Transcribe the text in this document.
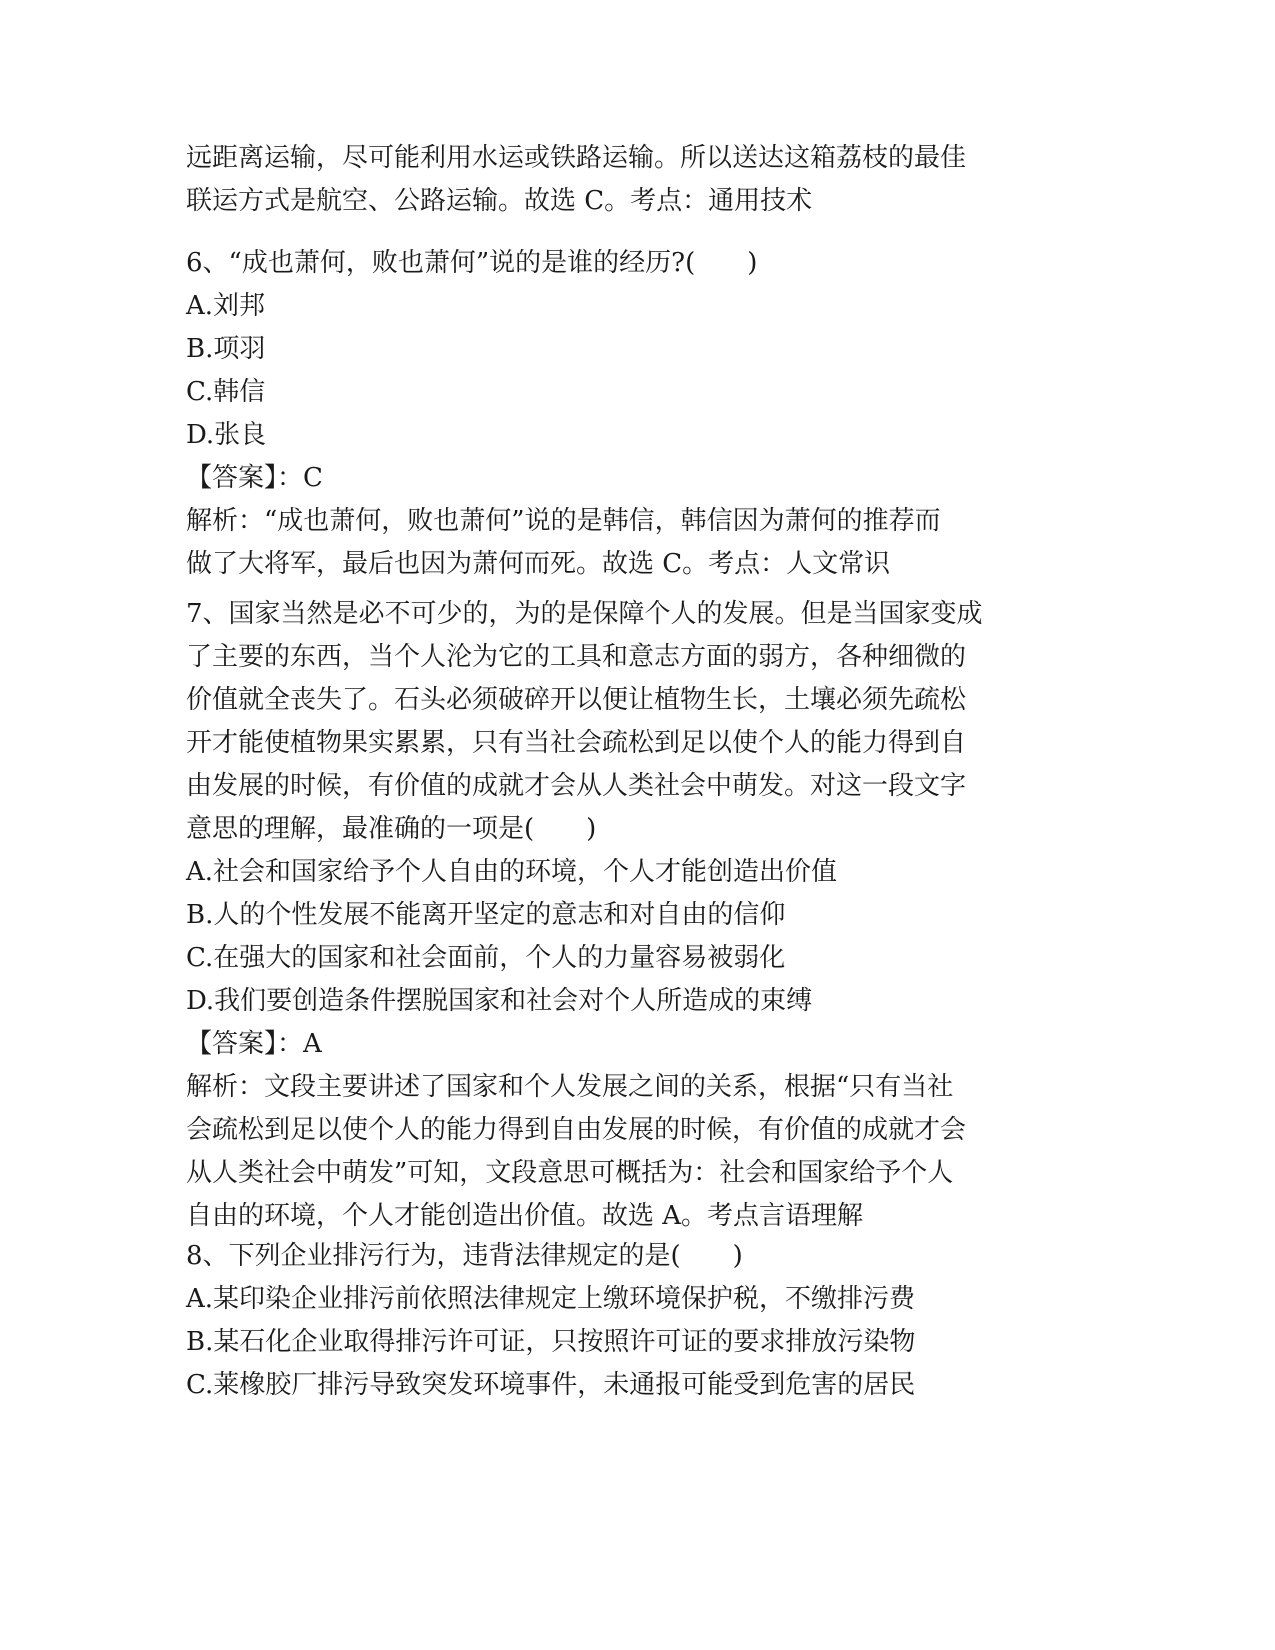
远距离运输，尽可能利用水运或铁路运输。所以送达这箱荔枝的最佳
联运方式是航空、公路运输。故选 C。考点：通用技术
6、“成也萧何，败也萧何”说的是谁的经历?(　　)
A.刘邦
B.项羽
C.韩信
D.张良
【答案】：C
解析：“成也萧何，败也萧何”说的是韩信，韩信因为萧何的推荐而
做了大将军，最后也因为萧何而死。故选 C。考点：人文常识
7、国家当然是必不可少的，为的是保障个人的发展。但是当国家变成
了主要的东西，当个人沦为它的工具和意志方面的弱方，各种细微的
价值就全丧失了。石头必须破碎开以便让植物生长，土壤必须先疏松
开才能使植物果实累累，只有当社会疏松到足以使个人的能力得到自
由发展的时候，有价值的成就才会从人类社会中萌发。对这一段文字
意思的理解，最准确的一项是(　　)
A.社会和国家给予个人自由的环境，个人才能创造出价值
B.人的个性发展不能离开坚定的意志和对自由的信仰
C.在强大的国家和社会面前，个人的力量容易被弱化
D.我们要创造条件摆脱国家和社会对个人所造成的束缚
【答案】：A
解析：文段主要讲述了国家和个人发展之间的关系，根据“只有当社
会疏松到足以使个人的能力得到自由发展的时候，有价值的成就才会
从人类社会中萌发”可知，文段意思可概括为：社会和国家给予个人
自由的环境，个人才能创造出价值。故选 A。考点言语理解
8、下列企业排污行为，违背法律规定的是(　　)
A.某印染企业排污前依照法律规定上缴环境保护税，不缴排污费
B.某石化企业取得排污许可证，只按照许可证的要求排放污染物
C.莱橡胶厂排污导致突发环境事件，未通报可能受到危害的居民
